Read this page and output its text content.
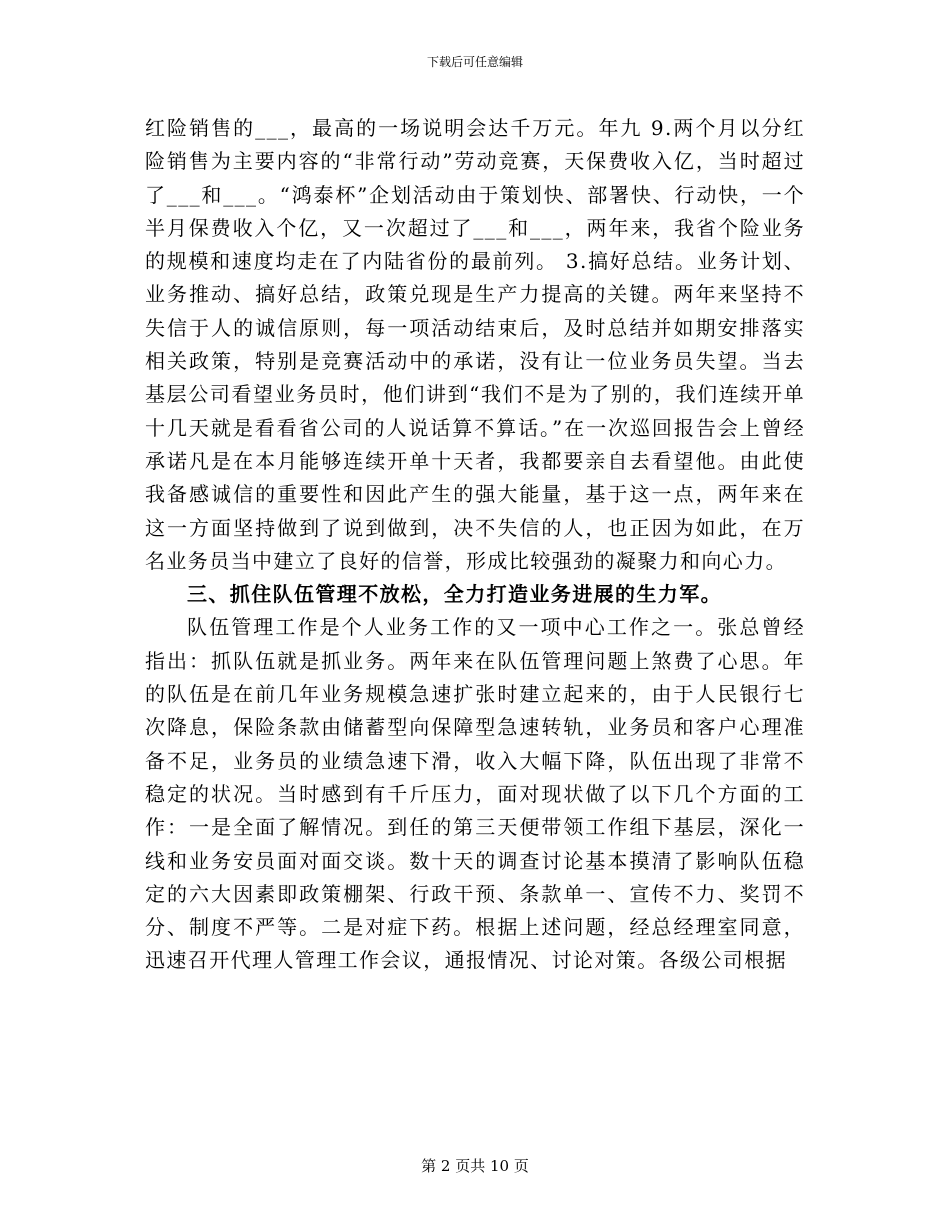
下载后可任意编辑

红险销售的___，最高的一场说明会达千万元。年九 9.两个月以分红险销售为主要内容的“非常行动”劳动竞赛，天保费收入亿，当时超过了___和___。“鸿泰杯”企划活动由于策划快、部署快、行动快，一个半月保费收入个亿，又一次超过了___和___，两年来，我省个险业务的规模和速度均走在了内陆省份的最前列。 3.搞好总结。业务计划、业务推动、搞好总结，政策兑现是生产力提高的关键。两年来坚持不失信于人的诚信原则，每一项活动结束后，及时总结并如期安排落实相关政策，特别是竞赛活动中的承诺，没有让一位业务员失望。当去基层公司看望业务员时，他们讲到“我们不是为了别的，我们连续开单十几天就是看看省公司的人说话算不算话。”在一次巡回报告会上曾经承诺凡是在本月能够连续开单十天者，我都要亲自去看望他。由此使我备感诚信的重要性和因此产生的强大能量，基于这一点，两年来在这一方面坚持做到了说到做到，决不失信的人，也正因为如此，在万名业务员当中建立了良好的信誉，形成比较强劲的凝聚力和向心力。

三、抓住队伍管理不放松，全力打造业务进展的生力军。

队伍管理工作是个人业务工作的又一项中心工作之一。张总曾经指出：抓队伍就是抓业务。两年来在队伍管理问题上煞费了心思。年的队伍是在前几年业务规模急速扩张时建立起来的，由于人民银行七次降息，保险条款由储蓄型向保障型急速转轨，业务员和客户心理准备不足，业务员的业绩急速下滑，收入大幅下降，队伍出现了非常不稳定的状况。当时感到有千斤压力，面对现状做了以下几个方面的工作：一是全面了解情况。到任的第三天便带领工作组下基层，深化一线和业务安员面对面交谈。数十天的调查讨论基本摸清了影响队伍稳定的六大因素即政策棚架、行政干预、条款单一、宣传不力、奖罚不分、制度不严等。二是对症下药。根据上述问题，经总经理室同意，迅速召开代理人管理工作会议，通报情况、讨论对策。各级公司根据

第 2 页共 10 页
